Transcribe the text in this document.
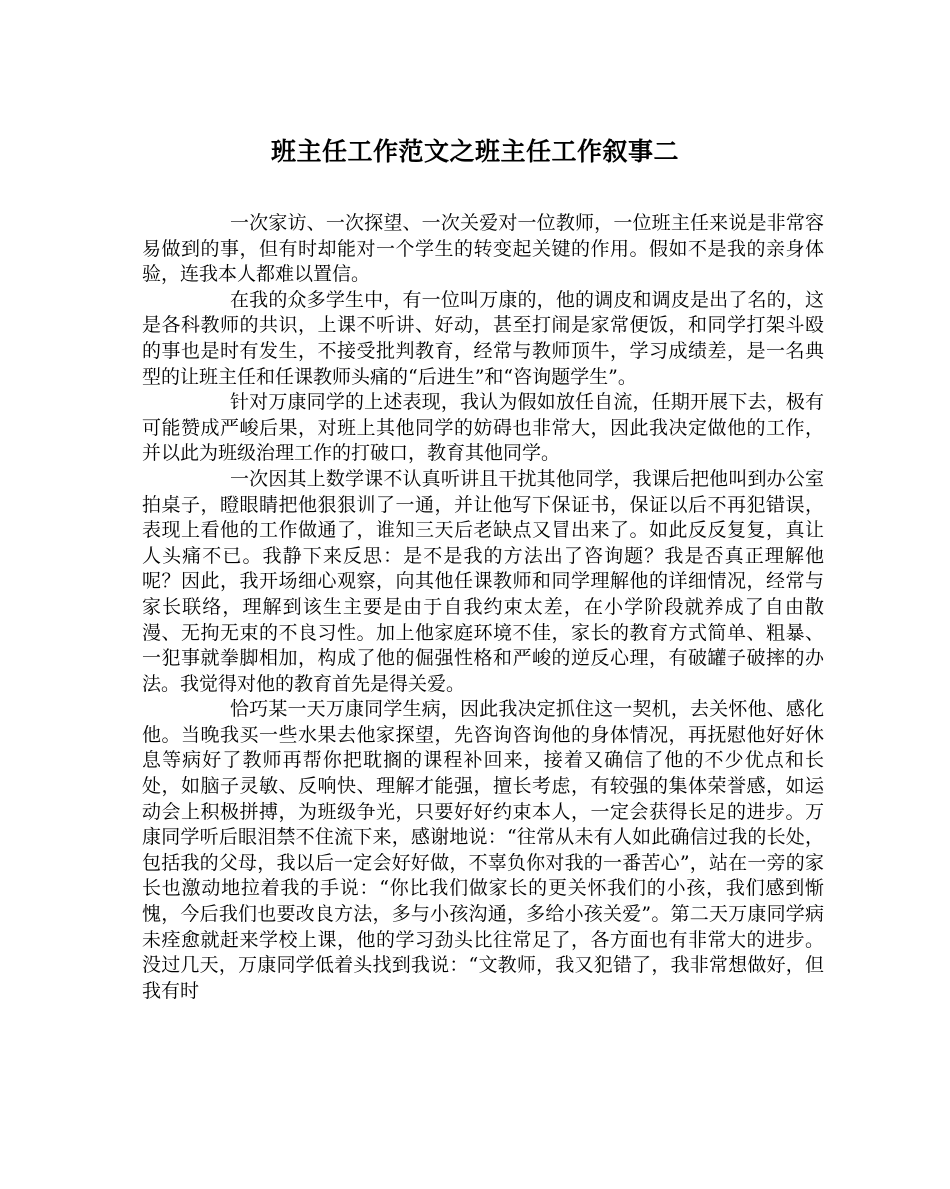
班主任工作范文之班主任工作叙事二

一次家访、一次探望、一次关爱对一位教师，一位班主任来说是非常容易做到的事，但有时却能对一个学生的转变起关键的作用。假如不是我的亲身体验，连我本人都难以置信。

在我的众多学生中，有一位叫万康的，他的调皮和调皮是出了名的，这是各科教师的共识，上课不听讲、好动，甚至打闹是家常便饭，和同学打架斗殴的事也是时有发生，不接受批判教育，经常与教师顶牛，学习成绩差，是一名典型的让班主任和任课教师头痛的“后进生”和“咨询题学生”。

针对万康同学的上述表现，我认为假如放任自流，任期开展下去，极有可能赞成严峻后果，对班上其他同学的妨碍也非常大，因此我决定做他的工作，并以此为班级治理工作的打破口，教育其他同学。

一次因其上数学课不认真听讲且干扰其他同学，我课后把他叫到办公室拍桌子，瞪眼睛把他狠狠训了一通，并让他写下保证书，保证以后不再犯错误，表现上看他的工作做通了，谁知三天后老缺点又冒出来了。如此反反复复，真让人头痛不已。我静下来反思：是不是我的方法出了咨询题？我是否真正理解他呢？因此，我开场细心观察，向其他任课教师和同学理解他的详细情况，经常与家长联络，理解到该生主要是由于自我约束太差，在小学阶段就养成了自由散漫、无拘无束的不良习性。加上他家庭环境不佳，家长的教育方式简单、粗暴、一犯事就拳脚相加，构成了他的倔强性格和严峻的逆反心理，有破罐子破摔的办法。我觉得对他的教育首先是得关爱。

恰巧某一天万康同学生病，因此我决定抓住这一契机，去关怀他、感化他。当晚我买一些水果去他家探望，先咨询咨询他的身体情况，再抚慰他好好休息等病好了教师再帮你把耽搁的课程补回来，接着又确信了他的不少优点和长处，如脑子灵敏、反响快、理解才能强，擅长考虑，有较强的集体荣誉感，如运动会上积极拼搏，为班级争光，只要好好约束本人，一定会获得长足的进步。万康同学听后眼泪禁不住流下来，感谢地说：“往常从未有人如此确信过我的长处，包括我的父母，我以后一定会好好做，不辜负你对我的一番苦心”，站在一旁的家长也激动地拉着我的手说：“你比我们做家长的更关怀我们的小孩，我们感到惭愧，今后我们也要改良方法，多与小孩沟通，多给小孩关爱”。第二天万康同学病未痊愈就赶来学校上课，他的学习劲头比往常足了，各方面也有非常大的进步。没过几天，万康同学低着头找到我说：“文教师，我又犯错了，我非常想做好，但我有时
